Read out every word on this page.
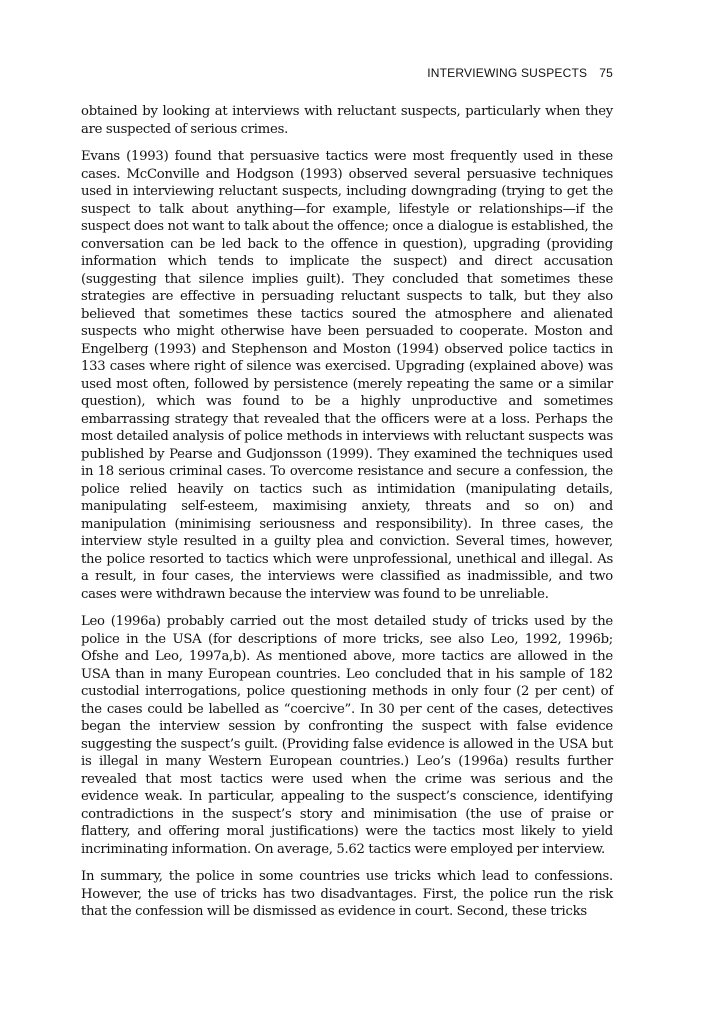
INTERVIEWING SUSPECTS 75

obtained by looking at interviews with reluctant suspects, particularly when they are suspected of serious crimes.

Evans (1993) found that persuasive tactics were most frequently used in these cases. McConville and Hodgson (1993) observed several persuasive techniques used in interviewing reluctant suspects, including downgrading (trying to get the suspect to talk about anything—for example, lifestyle or relationships—if the suspect does not want to talk about the offence; once a dialogue is established, the conversation can be led back to the offence in question), upgrading (providing information which tends to implicate the suspect) and direct accusation (suggesting that silence implies guilt). They concluded that sometimes these strategies are effective in persuading reluctant suspects to talk, but they also believed that sometimes these tactics soured the atmosphere and alienated suspects who might otherwise have been persuaded to cooperate. Moston and Engelberg (1993) and Stephenson and Moston (1994) observed police tactics in 133 cases where right of silence was exercised. Upgrading (explained above) was used most often, followed by persistence (merely repeating the same or a similar question), which was found to be a highly unproductive and sometimes embarrassing strategy that revealed that the officers were at a loss. Perhaps the most detailed analysis of police methods in interviews with reluctant suspects was published by Pearse and Gudjonsson (1999). They examined the techniques used in 18 serious criminal cases. To overcome resistance and secure a confession, the police relied heavily on tactics such as intimidation (manipulating details, manipulating self-esteem, maximising anxiety, threats and so on) and manipulation (minimising seriousness and responsibility). In three cases, the interview style resulted in a guilty plea and conviction. Several times, however, the police resorted to tactics which were unprofessional, unethical and illegal. As a result, in four cases, the interviews were classified as inadmissible, and two cases were withdrawn because the interview was found to be unreliable.

Leo (1996a) probably carried out the most detailed study of tricks used by the police in the USA (for descriptions of more tricks, see also Leo, 1992, 1996b; Ofshe and Leo, 1997a,b). As mentioned above, more tactics are allowed in the USA than in many European countries. Leo concluded that in his sample of 182 custodial interrogations, police questioning methods in only four (2 per cent) of the cases could be labelled as “coercive”. In 30 per cent of the cases, detectives began the interview session by confronting the suspect with false evidence suggesting the suspect’s guilt. (Providing false evidence is allowed in the USA but is illegal in many Western European countries.) Leo’s (1996a) results further revealed that most tactics were used when the crime was serious and the evidence weak. In particular, appealing to the suspect’s conscience, identifying contradictions in the suspect’s story and minimisation (the use of praise or flattery, and offering moral justifications) were the tactics most likely to yield incriminating information. On average, 5.62 tactics were employed per interview.

In summary, the police in some countries use tricks which lead to confessions. However, the use of tricks has two disadvantages. First, the police run the risk that the confession will be dismissed as evidence in court. Second, these tricks
